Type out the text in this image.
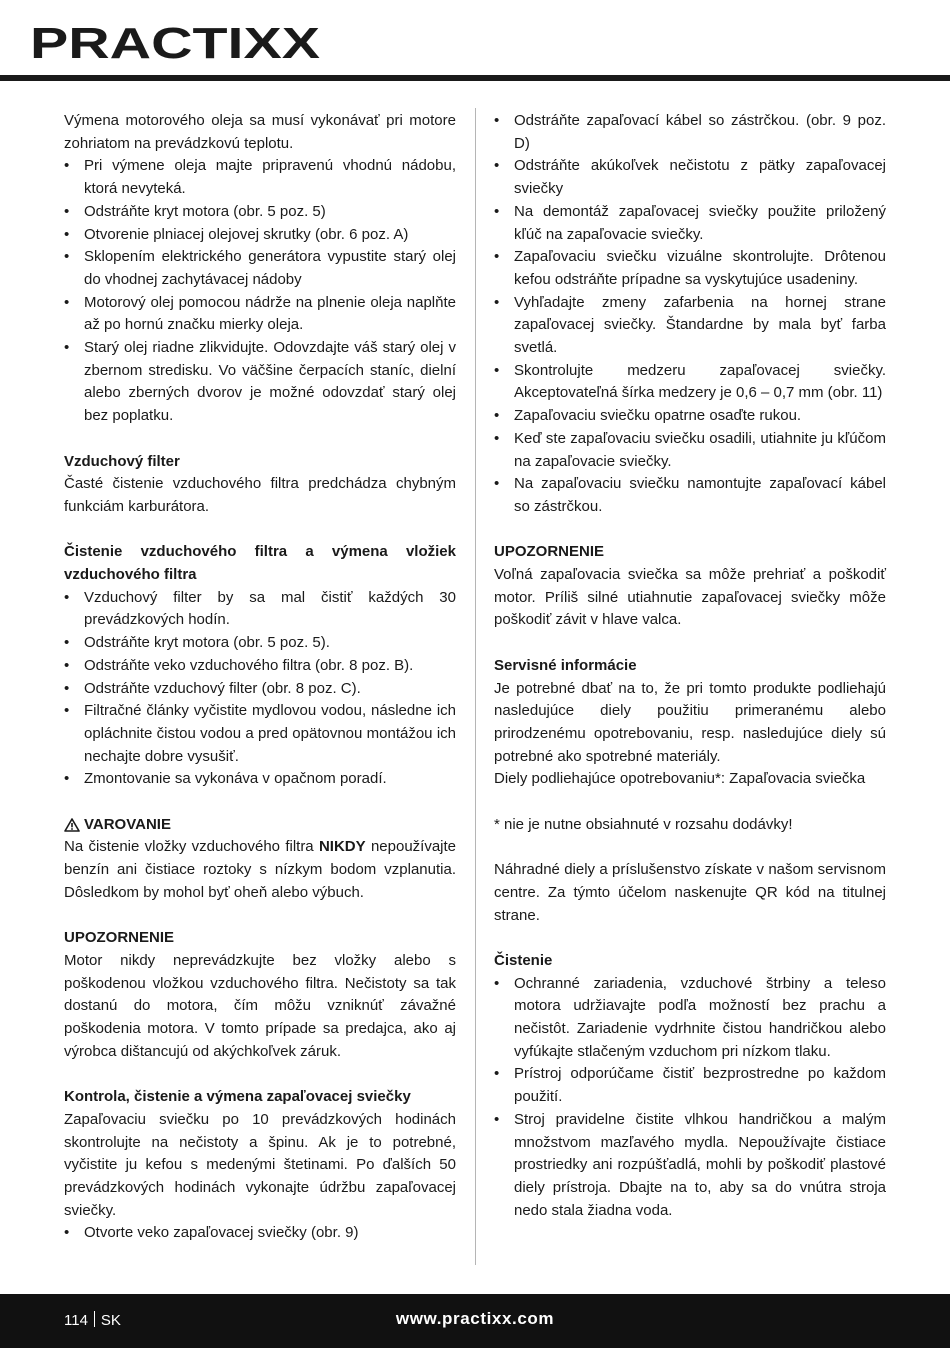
PRACTIXX

Výmena motorového oleja sa musí vykonávať pri motore zohriatom na prevádzkovú teplotu.

• Pri výmene oleja majte pripravenú vhodnú nádobu, ktorá nevyteká.
• Odstráňte kryt motora (obr. 5 poz. 5)
• Otvorenie plniacej olejovej skrutky (obr. 6 poz. A)
• Sklopením elektrického generátora vypustite starý olej do vhodnej zachytávacej nádoby
• Motorový olej pomocou nádrže na plnenie oleja naplňte až po hornú značku mierky oleja.
• Starý olej riadne zlikvidujte. Odovzdajte váš starý olej v zbernom stredisku. Vo väčšine čerpacích staníc, dielní alebo zberných dvorov je možné odovzdať starý olej bez poplatku.

Vzduchový filter

Časté čistenie vzduchového filtra predchádza chybným funkciám karburátora.

Čistenie vzduchového filtra a výmena vložiek vzduchového filtra

• Vzduchový filter by sa mal čistiť každých 30 prevádzkových hodín.
• Odstráňte kryt motora (obr. 5 poz. 5).
• Odstráňte veko vzduchového filtra (obr. 8 poz. B).
• Odstráňte vzduchový filter (obr. 8 poz. C).
• Filtračné články vyčistite mydlovou vodou, následne ich opláchnite čistou vodou a pred opätovnou montážou ich nechajte dobre vysušiť.
• Zmontovanie sa vykonáva v opačnom poradí.

VAROVANIE

Na čistenie vložky vzduchového filtra NIKDY nepoužívajte benzín ani čistiace roztoky s nízkym bodom vzplanutia. Dôsledkom by mohol byť oheň alebo výbuch.

UPOZORNENIE

Motor nikdy neprevádzkujte bez vložky alebo s poškodenou vložkou vzduchového filtra. Nečistoty sa tak dostanú do motora, čím môžu vzniknúť závažné poškodenia motora. V tomto prípade sa predajca, ako aj výrobca dištancujú od akýchkoľvek záruk.

Kontrola, čistenie a výmena zapaľovacej sviečky

Zapaľovaciu sviečku po 10 prevádzkových hodinách skontrolujte na nečistoty a špinu. Ak je to potrebné, vyčistite ju kefou s medenými štetinami. Po ďalších 50 prevádzkových hodinách vykonajte údržbu zapaľovacej sviečky.

• Otvorte veko zapaľovacej sviečky (obr. 9)
• Odstráňte zapaľovací kábel so zástrčkou. (obr. 9 poz. D)
• Odstráňte akúkoľvek nečistotu z pätky zapaľovacej sviečky
• Na demontáž zapaľovacej sviečky použite priložený kľúč na zapaľovacie sviečky.
• Zapaľovaciu sviečku vizuálne skontrolujte. Drôtenou kefou odstráňte prípadne sa vyskytujúce usadeniny.
• Vyhľadajte zmeny zafarbenia na hornej strane zapaľovacej sviečky. Štandardne by mala byť farba svetlá.
• Skontrolujte medzeru zapaľovacej sviečky. Akceptovateľná šírka medzery je 0,6 – 0,7 mm (obr. 11)
• Zapaľovaciu sviečku opatrne osaďte rukou.
• Keď ste zapaľovaciu sviečku osadili, utiahnite ju kľúčom na zapaľovacie sviečky.
• Na zapaľovaciu sviečku namontujte zapaľovací kábel so zástrčkou.

UPOZORNENIE

Voľná zapaľovacia sviečka sa môže prehriať a poškodiť motor. Príliš silné utiahnutie zapaľovacej sviečky môže poškodiť závit v hlave valca.

Servisné informácie

Je potrebné dbať na to, že pri tomto produkte podliehajú nasledujúce diely použitiu primeranému alebo prirodzenému opotrebovaniu, resp. nasledujúce diely sú potrebné ako spotrebné materiály.

Diely podliehajúce opotrebovaniu*: Zapaľovacia sviečka

* nie je nutne obsiahnuté v rozsahu dodávky!

Náhradné diely a príslušenstvo získate v našom servisnom centre. Za týmto účelom naskenujte QR kód na titulnej strane.

Čistenie

• Ochranné zariadenia, vzduchové štrbiny a teleso motora udržiavajte podľa možností bez prachu a nečistôt. Zariadenie vydrhnite čistou handričkou alebo vyfúkajte stlačeným vzduchom pri nízkom tlaku.
• Prístroj odporúčame čistiť bezprostredne po každom použití.
• Stroj pravidelne čistite vlhkou handričkou a malým množstvom mazľavého mydla. Nepoužívajte čistiace prostriedky ani rozpúšťadlá, mohli by poškodiť plastové diely prístroja. Dbajte na to, aby sa do vnútra stroja nedo stala žiadna voda.
114 SK	www.practixx.com
